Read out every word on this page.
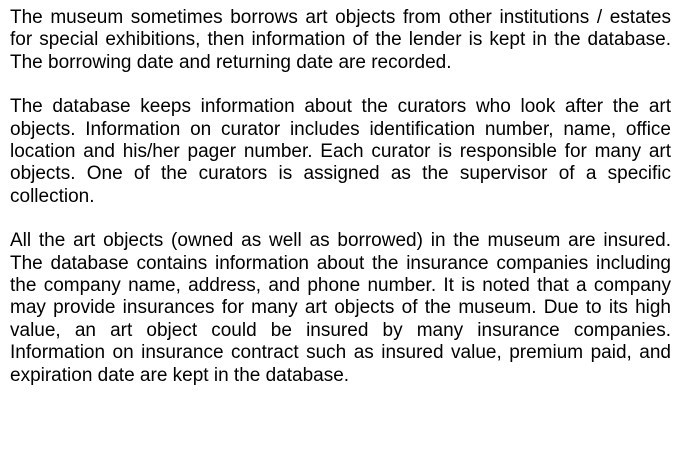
The museum sometimes borrows art objects from other institutions / estates for special exhibitions, then information of the lender is kept in the database. The borrowing date and returning date are recorded.

The database keeps information about the curators who look after the art objects. Information on curator includes identification number, name, office location and his/her pager number. Each curator is responsible for many art objects. One of the curators is assigned as the supervisor of a specific collection.

All the art objects (owned as well as borrowed) in the museum are insured. The database contains information about the insurance companies including the company name, address, and phone number. It is noted that a company may provide insurances for many art objects of the museum. Due to its high value, an art object could be insured by many insurance companies. Information on insurance contract such as insured value, premium paid, and expiration date are kept in the database.
